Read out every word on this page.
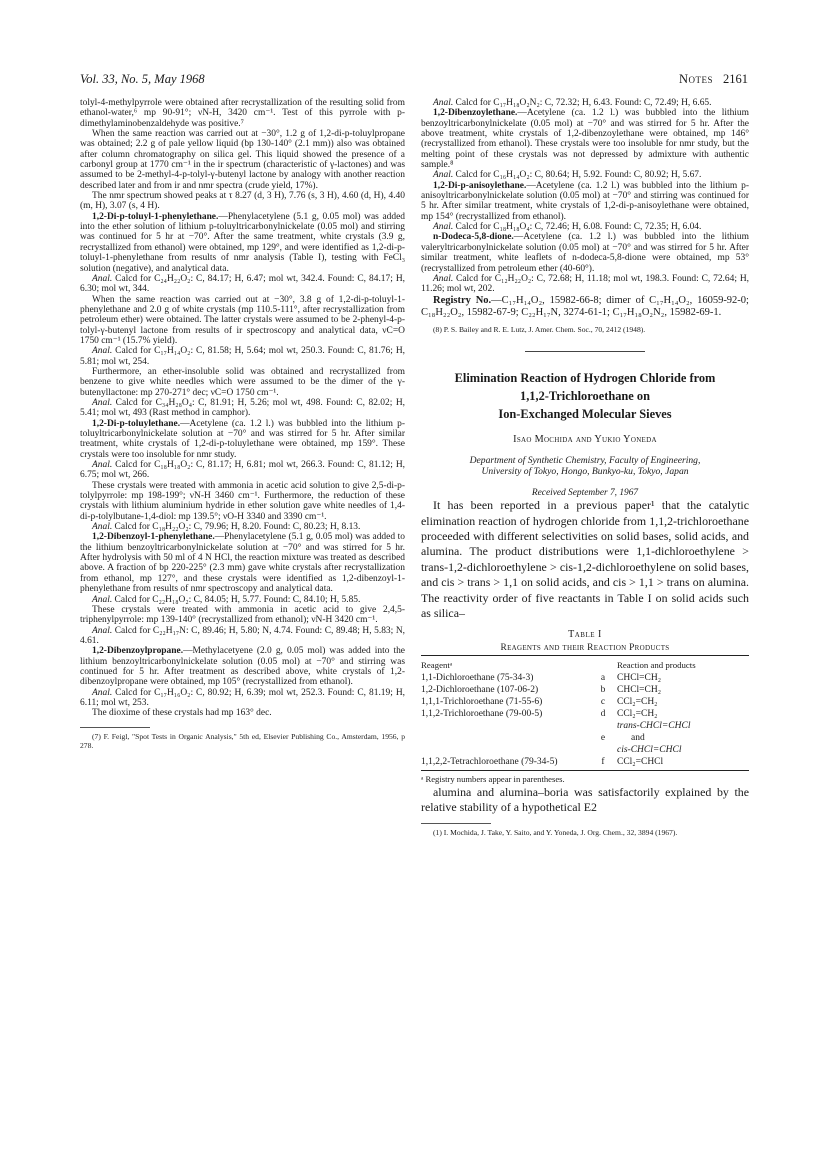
Vol. 33, No. 5, May 1968	Notes 2161

tolyl-4-methylpyrrole were obtained after recrystallization of the resulting solid from ethanol-water,⁶ mp 90-91°; νN-H, 3420 cm⁻¹. Test of this pyrrole with p-dimethylaminobenzaldehyde was positive.⁷

When the same reaction was carried out at −30°, 1.2 g of 1,2-di-p-toluylpropane was obtained; 2.2 g of pale yellow liquid (bp 130-140° (2.1 mm)) also was obtained after column chromatography on silica gel. This liquid showed the presence of a carbonyl group at 1770 cm⁻¹ in the ir spectrum (characteristic of γ-lactones) and was assumed to be 2-methyl-4-p-tolyl-γ-butenyl lactone by analogy with another reaction described later and from ir and nmr spectra (crude yield, 17%).

The nmr spectrum showed peaks at τ 8.27 (d, 3 H), 7.76 (s, 3 H), 4.60 (d, H), 4.40 (m, H), 3.07 (s, 4 H).

1,2-Di-p-toluyl-1-phenylethane.—Phenylacetylene (5.1 g, 0.05 mol) was added into the ether solution of lithium p-toluyltricarbonylnickelate (0.05 mol) and stirring was continued for 5 hr at −70°. After the same treatment, white crystals (3.9 g, recrystallized from ethanol) were obtained, mp 129°, and were identified as 1,2-di-p-toluyl-1-phenylethane from results of nmr analysis (Table I), testing with FeCl₃ solution (negative), and analytical data.

Anal. Calcd for C₂₄H₂₂O₂: C, 84.17; H, 6.47; mol wt, 342.4. Found: C, 84.17; H, 6.30; mol wt, 344.

When the same reaction was carried out at −30°, 3.8 g of 1,2-di-p-toluyl-1-phenylethane and 2.0 g of white crystals (mp 110.5-111°, after recrystallization from petroleum ether) were obtained. The latter crystals were assumed to be 2-phenyl-4-p-tolyl-γ-butenyl lactone from results of ir spectroscopy and analytical data, νC=O 1750 cm⁻¹ (15.7% yield).

Anal. Calcd for C₁₇H₁₄O₂: C, 81.58; H, 5.64; mol wt, 250.3. Found: C, 81.76; H, 5.81; mol wt, 254.

Furthermore, an ether-insoluble solid was obtained and recrystallized from benzene to give white needles which were assumed to be the dimer of the γ-butenyllactone: mp 270-271° dec; νC=O 1750 cm⁻¹.

Anal. Calcd for C₃₄H₂₈O₄: C, 81.91; H, 5.26; mol wt, 498. Found: C, 82.02; H, 5.41; mol wt, 493 (Rast method in camphor).

1,2-Di-p-toluylethane.—Acetylene (ca. 1.2 l.) was bubbled into the lithium p-toluyltricarbonylnickelate solution at −70° and was stirred for 5 hr. After similar treatment, white crystals of 1,2-di-p-toluylethane were obtained, mp 159°. These crystals were too insoluble for nmr study.

Anal. Calcd for C₁₈H₁₈O₂: C, 81.17; H, 6.81; mol wt, 266.3. Found: C, 81.12; H, 6.75; mol wt, 266.

These crystals were treated with ammonia in acetic acid solution to give 2,5-di-p-tolylpyrrole: mp 198-199°; νN-H 3460 cm⁻¹. Furthermore, the reduction of these crystals with lithium aluminium hydride in ether solution gave white needles of 1,4-di-p-tolylbutane-1,4-diol: mp 139.5°; νO-H 3340 and 3390 cm⁻¹.

Anal. Calcd for C₁₈H₂₂O₂: C, 79.96; H, 8.20. Found: C, 80.23; H, 8.13.

1,2-Dibenzoyl-1-phenylethane.—Phenylacetylene (5.1 g, 0.05 mol) was added to the lithium benzoyltricarbonylnickelate solution at −70° and was stirred for 5 hr. After hydrolysis with 50 ml of 4 N HCl, the reaction mixture was treated as described above. A fraction of bp 220-225° (2.3 mm) gave white crystals after recrystallization from ethanol, mp 127°, and these crystals were identified as 1,2-dibenzoyl-1-phenylethane from results of nmr spectroscopy and analytical data.

Anal. Calcd for C₂₂H₁₈O₂: C, 84.05; H, 5.77. Found: C, 84.10; H, 5.85.

These crystals were treated with ammonia in acetic acid to give 2,4,5-triphenylpyrrole: mp 139-140° (recrystallized from ethanol); νN-H 3420 cm⁻¹.

Anal. Calcd for C₂₂H₁₇N: C, 89.46; H, 5.80; N, 4.74. Found: C, 89.48; H, 5.83; N, 4.61.

1,2-Dibenzoylpropane.—Methylacetyene (2.0 g, 0.05 mol) was added into the lithium benzoyltricarbonylnickelate solution (0.05 mol) at −70° and stirring was continued for 5 hr. After treatment as described above, white crystals of 1,2-dibenzoylpropane were obtained, mp 105° (recrystallized from ethanol).

Anal. Calcd for C₁₇H₁₆O₂: C, 80.92; H, 6.39; mol wt, 252.3. Found: C, 81.19; H, 6.11; mol wt, 253.

The dioxime of these crystals had mp 163° dec.

(7) F. Feigl, "Spot Tests in Organic Analysis," 5th ed, Elsevier Publishing Co., Amsterdam, 1956, p 278.

Anal. Calcd for C₁₇H₁₈O₂N₂: C, 72.32; H, 6.43. Found: C, 72.49; H, 6.65.

1,2-Dibenzoylethane.—Acetylene (ca. 1.2 l.) was bubbled into the lithium benzoyltricarbonylnickelate (0.05 mol) at −70° and was stirred for 5 hr. After the above treatment, white crystals of 1,2-dibenzoylethane were obtained, mp 146° (recrystallized from ethanol). These crystals were too insoluble for nmr study, but the melting point of these crystals was not depressed by admixture with authentic sample.⁸

Anal. Calcd for C₁₆H₁₄O₂: C, 80.64; H, 5.92. Found: C, 80.92; H, 5.67.

1,2-Di-p-anisoylethane.—Acetylene (ca. 1.2 l.) was bubbled into the lithium p-anisoyltricarbonylnickelate solution (0.05 mol) at −70° and stirring was continued for 5 hr. After similar treatment, white crystals of 1,2-di-p-anisoylethane were obtained, mp 154° (recrystallized from ethanol).

Anal. Calcd for C₁₈H₁₈O₄: C, 72.46; H, 6.08. Found: C, 72.35; H, 6.04.

n-Dodeca-5,8-dione.—Acetylene (ca. 1.2 l.) was bubbled into the lithium valeryltricarbonylnickelate solution (0.05 mol) at −70° and was stirred for 5 hr. After similar treatment, white leaflets of n-dodeca-5,8-dione were obtained, mp 53° (recrystallized from petroleum ether (40-60°).

Anal. Calcd for C₁₂H₂₂O₂: C, 72.68; H, 11.18; mol wt, 198.3. Found: C, 72.64; H, 11.26; mol wt, 202.

Registry No.—C₁₇H₁₄O₂, 15982-66-8; dimer of C₁₇H₁₄O₂, 16059-92-0; C₁₈H₂₂O₂, 15982-67-9; C₂₂H₁₇N, 3274-61-1; C₁₇H₁₈O₂N₂, 15982-69-1.

(8) P. S. Bailey and R. E. Lutz, J. Amer. Chem. Soc., 70, 2412 (1948).

Elimination Reaction of Hydrogen Chloride from
1,1,2-Trichloroethane on
Ion-Exchanged Molecular Sieves
Isao Mochida and Yukio Yoneda
Department of Synthetic Chemistry, Faculty of Engineering,
University of Tokyo, Hongo, Bunkyo-ku, Tokyo, Japan
Received September 7, 1967

It has been reported in a previous paper¹ that the catalytic elimination reaction of hydrogen chloride from 1,1,2-trichloroethane proceeded with different selectivities on solid bases, solid acids, and alumina. The product distributions were 1,1-dichloroethylene > trans-1,2-dichloroethylene > cis-1,2-dichloroethylene on solid bases, and cis > trans > 1,1 on solid acids, and cis > 1,1 > trans on alumina. The reactivity order of five reactants in Table I on solid acids such as silica–

Table I
Reagents and their Reaction Products
Reagentᵃ		Reaction and products
1,1-Dichloroethane (75-34-3)	a	CHCl=CH₂
1,2-Dichloroethane (107-06-2)	b	CHCl=CH₂
1,1,1-Trichloroethane (71-55-6)	c	CCl₂=CH₂
1,1,2-Trichloroethane (79-00-5)	d	CCl₂=CH₂
		trans-CHCl=CHCl
	e	and
		cis-CHCl=CHCl
1,1,2,2-Tetrachloroethane (79-34-5)	f	CCl₂=CHCl
ᵃ Registry numbers appear in parentheses.

alumina and alumina–boria was satisfactorily explained by the relative stability of a hypothetical E2

(1) I. Mochida, J. Take, Y. Saito, and Y. Yoneda, J. Org. Chem., 32, 3894 (1967).
